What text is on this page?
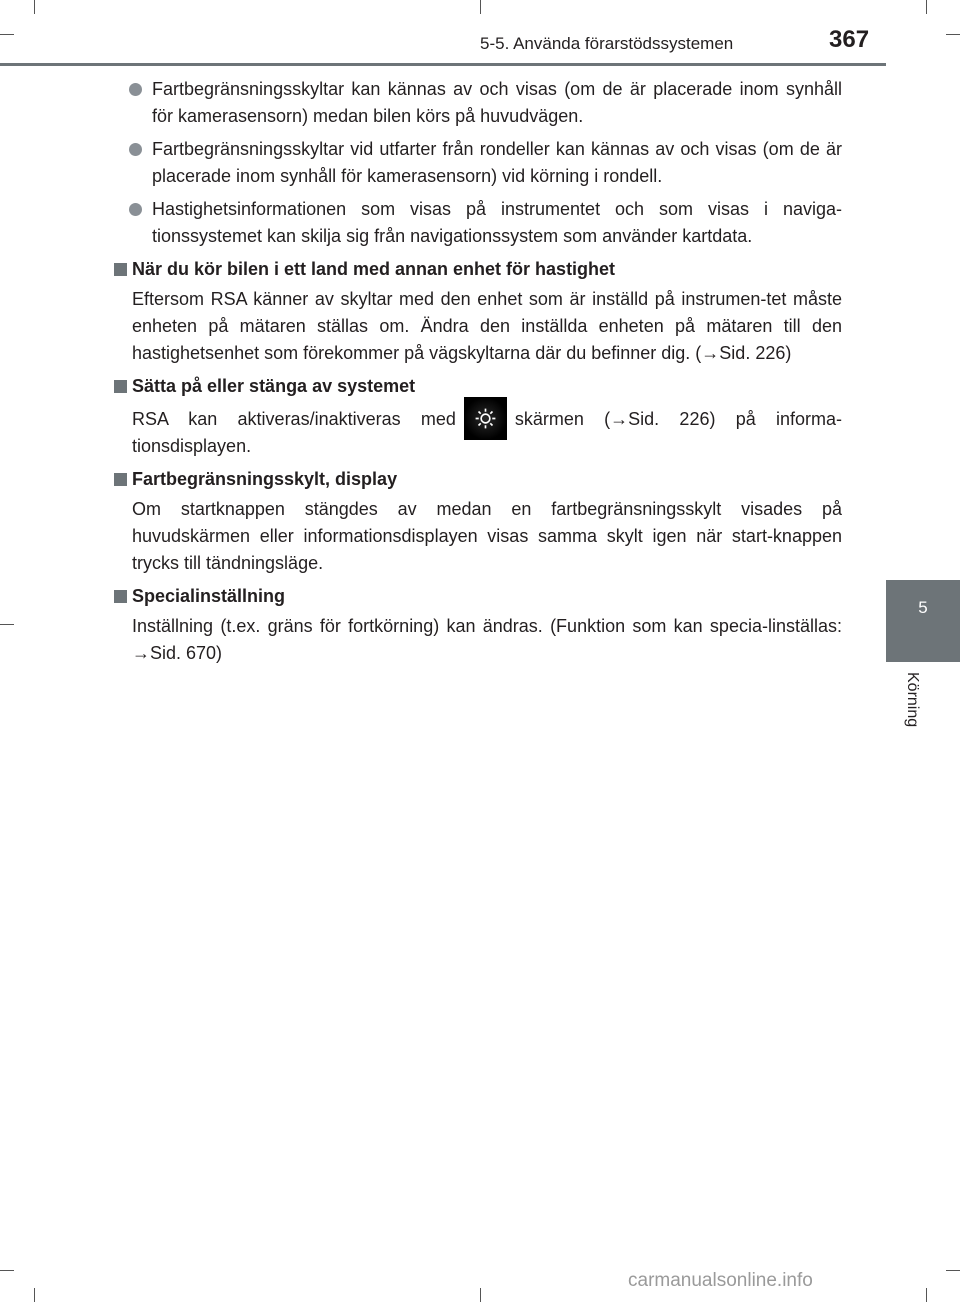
5-5. Använda förarstödssystemen	367
5
Körning
Fartbegränsningsskyltar kan kännas av och visas (om de är placerade inom synhåll för kamerasensorn) medan bilen körs på huvudvägen.
Fartbegränsningsskyltar vid utfarter från rondeller kan kännas av och visas (om de är placerade inom synhåll för kamerasensorn) vid körning i rondell.
Hastighetsinformationen som visas på instrumentet och som visas i naviga-tionssystemet kan skilja sig från navigationssystem som använder kartdata.
När du kör bilen i ett land med annan enhet för hastighet
Eftersom RSA känner av skyltar med den enhet som är inställd på instrumen-tet måste enheten på mätaren ställas om. Ändra den inställda enheten på mätaren till den hastighetsenhet som förekommer på vägskyltarna där du befinner dig. (→Sid. 226)
Sätta på eller stänga av systemet
RSA kan aktiveras/inaktiveras med	skärmen (→Sid. 226) på informa-tionsdisplayen.
Fartbegränsningsskylt, display
Om startknappen stängdes av medan en fartbegränsningsskylt visades på huvudskärmen eller informationsdisplayen visas samma skylt igen när start-knappen trycks till tändningsläge.
Specialinställning
Inställning (t.ex. gräns för fortkörning) kan ändras. (Funktion som kan specia-linställas: →Sid. 670)
carmanualsonline.info
